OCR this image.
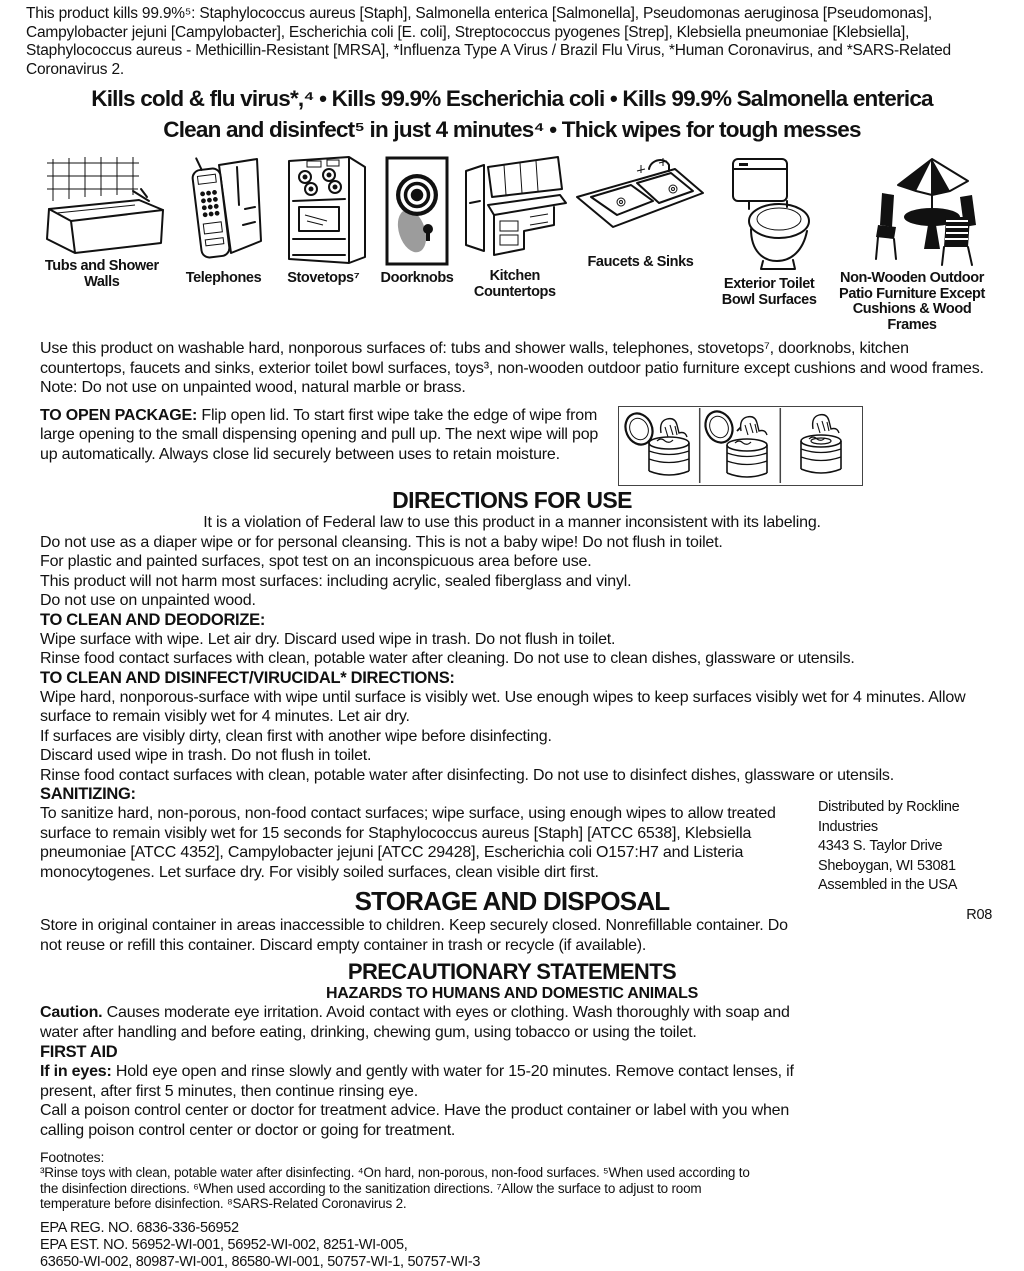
This product kills 99.9%⁵: Staphylococcus aureus [Staph], Salmonella enterica [Salmonella], Pseudomonas aeruginosa [Pseudomonas], Campylobacter jejuni [Campylobacter], Escherichia coli [E. coli], Streptococcus pyogenes [Strep], Klebsiella pneumoniae [Klebsiella], Staphylococcus aureus - Methicillin-Resistant [MRSA], *Influenza Type A Virus / Brazil Flu Virus, *Human Coronavirus, and *SARS-Related Coronavirus 2.
Kills cold & flu virus*,⁴ • Kills 99.9% Escherichia coli • Kills 99.9% Salmonella enterica
Clean and disinfect⁵ in just 4 minutes⁴ • Thick wipes for tough messes
Tubs and Shower Walls	Telephones Stovetops⁷ Doorknobs	Kitchen Countertops
Faucets & Sinks
Exterior Toilet Bowl Surfaces
Non-Wooden Outdoor Patio Furniture Except Cushions & Wood Frames
Use this product on washable hard, nonporous surfaces of: tubs and shower walls, telephones, stovetops⁷, doorknobs, kitchen countertops, faucets and sinks, exterior toilet bowl surfaces, toys³, non-wooden outdoor patio furniture except cushions and wood frames.
Note: Do not use on unpainted wood, natural marble or brass.
TO OPEN PACKAGE: Flip open lid. To start first wipe take the edge of wipe from large opening to the small dispensing opening and pull up. The next wipe will pop up automatically. Always close lid securely between uses to retain moisture.
DIRECTIONS FOR USE
It is a violation of Federal law to use this product in a manner inconsistent with its labeling.
Do not use as a diaper wipe or for personal cleansing. This is not a baby wipe! Do not flush in toilet.
For plastic and painted surfaces, spot test on an inconspicuous area before use.
This product will not harm most surfaces: including acrylic, sealed fiberglass and vinyl.
Do not use on unpainted wood.
TO CLEAN AND DEODORIZE:
Wipe surface with wipe. Let air dry. Discard used wipe in trash. Do not flush in toilet.
Rinse food contact surfaces with clean, potable water after cleaning. Do not use to clean dishes, glassware or utensils.
TO CLEAN AND DISINFECT/VIRUCIDAL* DIRECTIONS:
Wipe hard, nonporous-surface with wipe until surface is visibly wet. Use enough wipes to keep surfaces visibly wet for 4 minutes. Allow surface to remain visibly wet for 4 minutes. Let air dry.
If surfaces are visibly dirty, clean first with another wipe before disinfecting.
Discard used wipe in trash. Do not flush in toilet.
Rinse food contact surfaces with clean, potable water after disinfecting. Do not use to disinfect dishes, glassware or utensils.
SANITIZING:
To sanitize hard, non-porous, non-food contact surfaces; wipe surface, using enough wipes to allow treated surface to remain visibly wet for 15 seconds for Staphylococcus aureus [Staph] [ATCC 6538], Klebsiella pneumoniae [ATCC 4352], Campylobacter jejuni [ATCC 29428], Escherichia coli O157:H7 and Listeria monocytogenes. Let surface dry. For visibly soiled surfaces, clean visible dirt first.
STORAGE AND DISPOSAL
Store in original container in areas inaccessible to children. Keep securely closed. Nonrefillable container. Do not reuse or refill this container. Discard empty container in trash or recycle (if available).
PRECAUTIONARY STATEMENTS
HAZARDS TO HUMANS AND DOMESTIC ANIMALS
Caution. Causes moderate eye irritation. Avoid contact with eyes or clothing. Wash thoroughly with soap and water after handling and before eating, drinking, chewing gum, using tobacco or using the toilet.
FIRST AID
If in eyes: Hold eye open and rinse slowly and gently with water for 15-20 minutes. Remove contact lenses, if present, after first 5 minutes, then continue rinsing eye.
Call a poison control center or doctor for treatment advice. Have the product container or label with you when calling poison control center or doctor or going for treatment.
Footnotes:
³Rinse toys with clean, potable water after disinfecting. ⁴On hard, non-porous, non-food surfaces. ⁵When used according to the disinfection directions. ⁶When used according to the sanitization directions. ⁷Allow the surface to adjust to room temperature before disinfection. ⁸SARS-Related Coronavirus 2.
EPA REG. NO. 6836-336-56952
EPA EST. NO. 56952-WI-001, 56952-WI-002, 8251-WI-005,
63650-WI-002, 80987-WI-001, 86580-WI-001, 50757-WI-1, 50757-WI-3
Distributed by Rockline Industries
4343 S. Taylor Drive
Sheboygan, WI 53081
Assembled in the USA
R08
